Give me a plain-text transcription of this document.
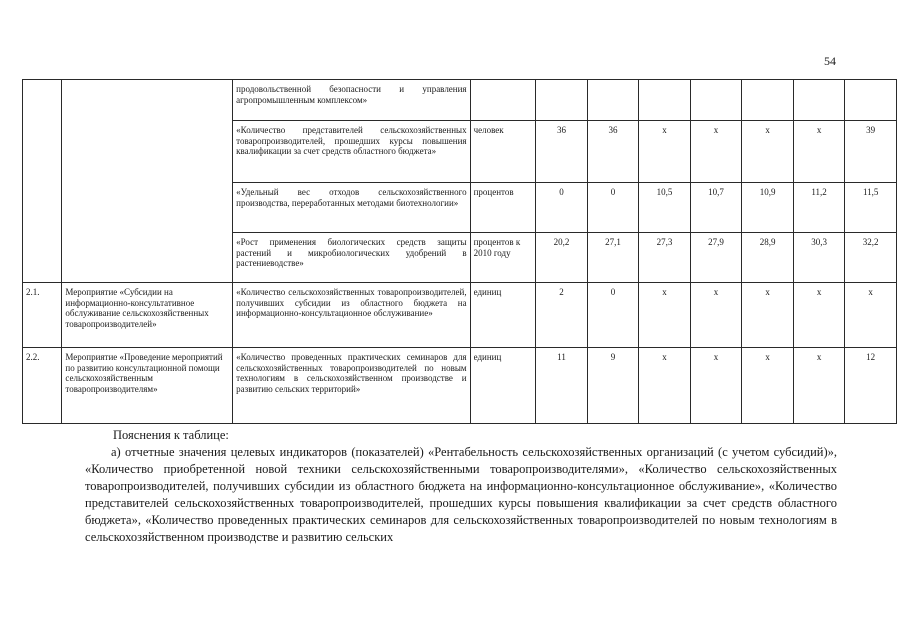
54
		продовольственной безопасности и управления агропромышленным комплексом»								
		«Количество представителей сельскохозяйственных товаропроизводителей, прошедших курсы повышения квалификации за счет средств областного бюджета»	человек	36	36	х	х	х	х	39
		«Удельный вес отходов сельскохозяйственного производства, переработанных методами биотехнологии»	процентов	0	0	10,5	10,7	10,9	11,2	11,5
		«Рост применения биологических средств защиты растений и микробиологических удобрений в растениеводстве»	процентов к 2010 году	20,2	27,1	27,3	27,9	28,9	30,3	32,2
2.1.	Мероприятие «Субсидии на информационно-консультативное обслуживание сельскохозяйственных товаропроизводителей»	«Количество сельскохозяйственных товаропроизводителей, получивших субсидии из областного бюджета на информационно-консультационное обслуживание»	единиц	2	0	х	х	х	х	х
2.2.	Мероприятие «Проведение мероприятий по развитию консультационной помощи сельскохозяйственным товаропроизводителям»	«Количество проведенных практических семинаров для сельскохозяйственных товаропроизводителей по новым технологиям в сельскохозяйственном производстве и развитию сельских территорий»	единиц	11	9	х	х	х	х	12

Пояснения к таблице:

а) отчетные значения целевых индикаторов (показателей) «Рентабельность сельскохозяйственных организаций (с учетом субсидий)», «Количество приобретенной новой техники сельскохозяйственными товаропроизводителями», «Количество сельскохозяйственных товаропроизводителей, получивших субсидии из областного бюджета на информационно-консультационное обслуживание», «Количество представителей сельскохозяйственных товаропроизводителей, прошедших курсы повышения квалификации за счет средств областного бюджета», «Количество проведенных практических семинаров для сельскохозяйственных товаропроизводителей по новым технологиям в сельскохозяйственном производстве и развитию сельских
